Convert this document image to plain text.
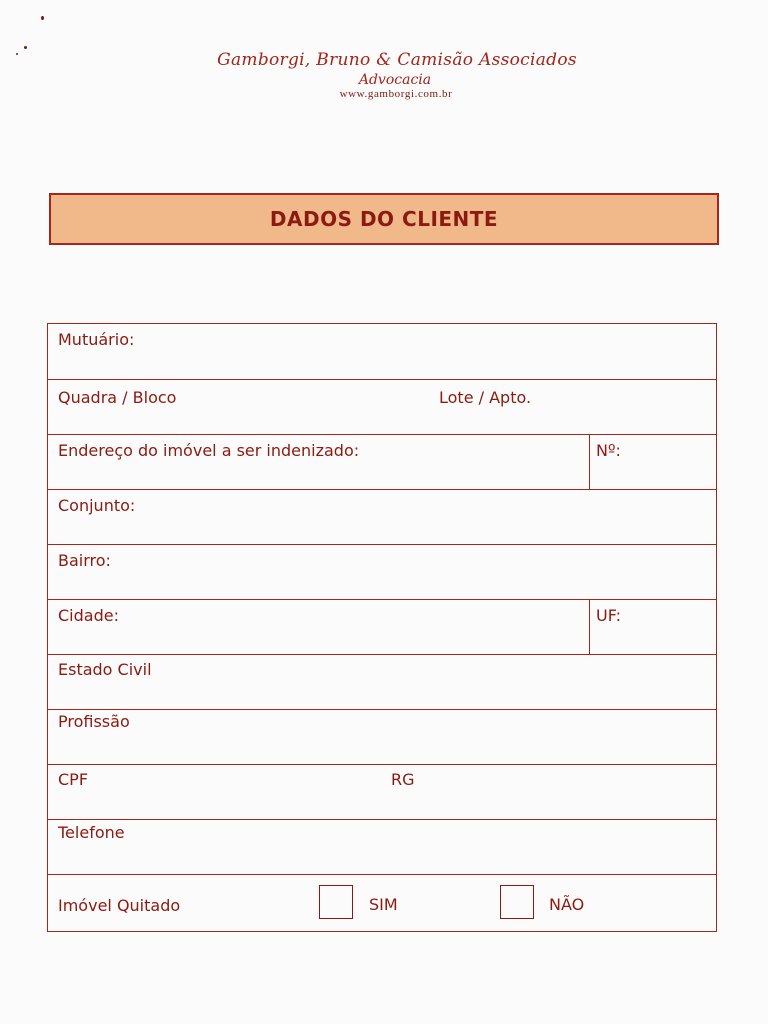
Gamborgi, Bruno & Camisão Associados
Advocacia
www.gamborgi.com.br
DADOS DO CLIENTE
Mutuário:
Quadra / Bloco	Lote / Apto.
Endereço do imóvel a ser indenizado:	Nº:
Conjunto:
Bairro:
Cidade:	UF:
Estado Civil
Profissão
CPF	RG
Telefone
Imóvel Quitado	SIM	NÃO
